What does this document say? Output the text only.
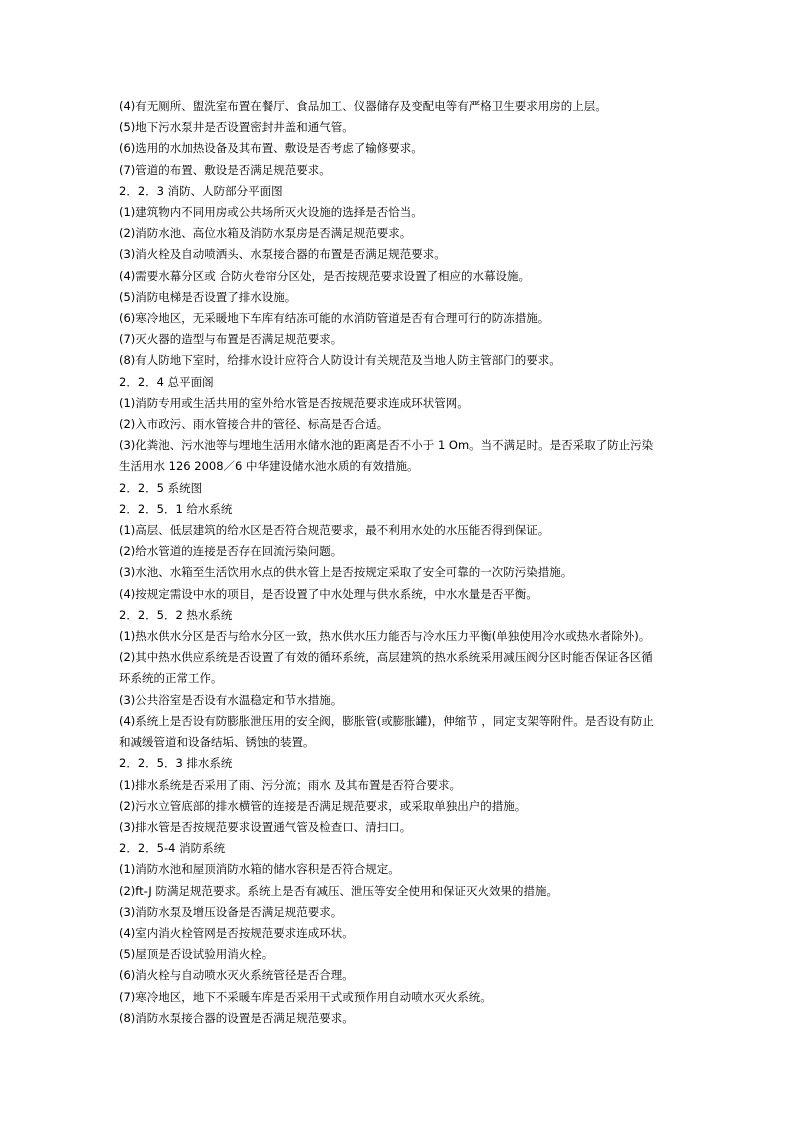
(4)有无厕所、盥洗室布置在餐厅、食品加工、仪器储存及变配电等有严格卫生要求用房的上层。
(5)地下污水泵井是否设置密封井盖和通气管。
(6)选用的水加热设备及其布置、敷设是否考虑了输修要求。
(7)管道的布置、敷设是否满足规范要求。
2．2．3 消防、人防部分平面图
(1)建筑物内不同用房或公共场所灭火设施的选择是否恰当。
(2)消防水池、高位水箱及消防水泵房是否满足规范要求。
(3)消火栓及自动喷洒头、水泵接合器的布置是否满足规范要求。
(4)需要水幕分区或 合防火卷帘分区处，是否按规范要求设置了相应的水幕设施。
(5)消防电梯是否设置了排水设施。
(6)寒冷地区，无采暖地下车库有结冻可能的水消防管道是否有合理可行的防冻措施。
(7)灭火器的造型与布置是否满足规范要求。
(8)有人防地下室时，给排水设计应符合人防设计有关规范及当地人防主管部门的要求。
2．2．4 总平面阁
(1)消防专用或生活共用的室外给水管是否按规范要求连成环状管网。
(2)入市政污、雨水管接合井的管径、标高是否合适。
(3)化粪池、污水池等与埋地生活用水储水池的距离是否不小于 1 Om。当不满足时。是否采取了防止污染
生活用水 126 2008／6 中华建设储水池水质的有效措施。
2．2．5 系统图
2．2．5．1 给水系统
(1)高层、低层建筑的给水区是否符合规范要求，最不利用水处的水压能否得到保证。
(2)给水管道的连接是否存在回流污染问题。
(3)水池、水箱至生活饮用水点的供水管上是否按规定采取了安全可靠的一次防污染措施。
(4)按规定需设中水的项目，是否设置了中水处理与供水系统，中水水量是否平衡。
2．2．5．2 热水系统
(1)热水供水分区是否与给水分区一致，热水供水压力能否与冷水压力平衡(单独使用冷水或热水者除外)。
(2)其中热水供应系统是否设置了有效的循环系统，高层建筑的热水系统采用减压阀分区时能否保证各区循
环系统的正常工作。
(3)公共浴室是否设有水温稳定和节水措施。
(4)系统上是否设有防膨胀泄压用的安全阀，膨胀管(或膨胀罐)，伸缩节 ，同定支架等附件。是否设有防止
和减缓管道和设备结垢、锈蚀的装置。
2．2．5．3 排水系统
(1)排水系统是否采用了雨、污分流；雨水 及其布置是否符合要求。
(2)污水立管底部的排水横管的连接是否满足规范要求，或采取单独出户的措施。
(3)排水管是否按规范要求设置通气管及检查口、清扫口。
2．2．5-4 消防系统
(1)消防水池和屋顶消防水箱的储水容积是否符合规定。
(2)ft-J 防满足规范要求。系统上是否有减压、泄压等安全使用和保证灭火效果的措施。
(3)消防水泵及增压设备是否满足规范要求。
(4)室内消火栓管网是否按规范要求连成环状。
(5)屋顶是否设试验用消火栓。
(6)消火栓与自动喷水灭火系统管径是否合理。
(7)寒冷地区，地下不采暖车库是否采用干式或预作用自动喷水灭火系统。
(8)消防水泵接合器的设置是否满足规范要求。
